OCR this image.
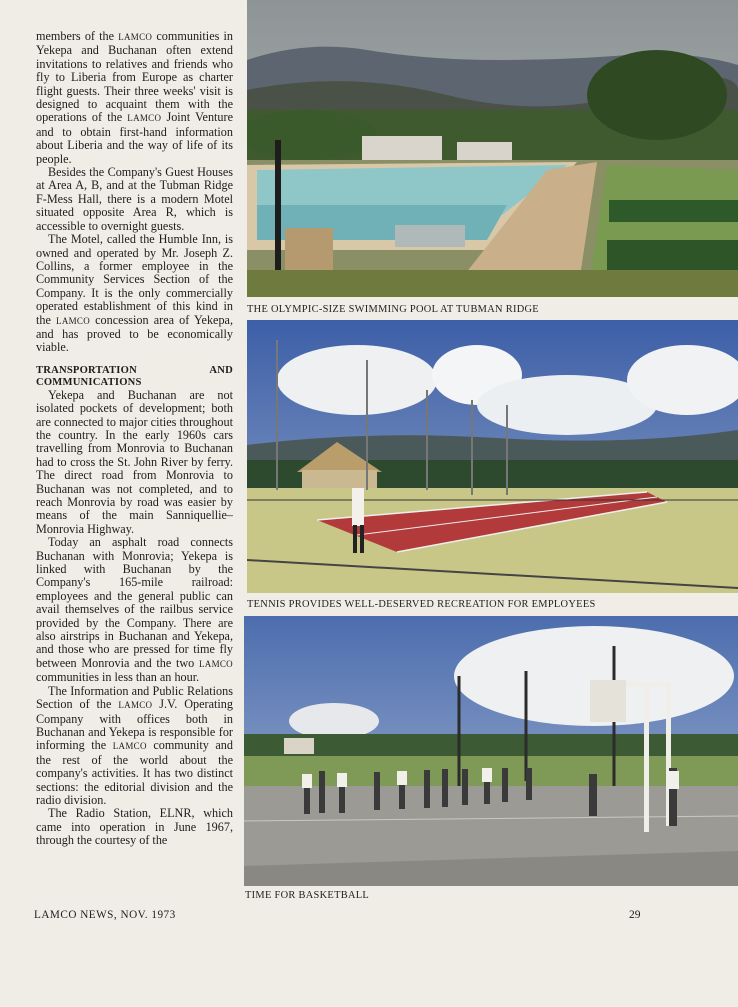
members of the LAMCO communities in Yekepa and Buchanan often extend invitations to relatives and friends who fly to Liberia from Europe as charter flight guests. Their three weeks' visit is designed to acquaint them with the operations of the LAMCO Joint Venture and to obtain first-hand information about Liberia and the way of life of its people.

Besides the Company's Guest Houses at Area A, B, and at the Tubman Ridge F-Mess Hall, there is a modern Motel situated opposite Area R, which is accessible to overnight guests.

The Motel, called the Humble Inn, is owned and operated by Mr. Joseph Z. Collins, a former employee in the Community Services Section of the Company. It is the only commercially operated establishment of this kind in the LAMCO concession area of Yekepa, and has proved to be economically viable.

TRANSPORTATION AND COMMUNICATIONS

Yekepa and Buchanan are not isolated pockets of development; both are connected to major cities throughout the country. In the early 1960s cars travelling from Monrovia to Buchanan had to cross the St. John River by ferry. The direct road from Monrovia to Buchanan was not completed, and to reach Monrovia by road was easier by means of the main Sanniquellie–Monrovia Highway.

Today an asphalt road connects Buchanan with Monrovia; Yekepa is linked with Buchanan by the Company's 165-mile railroad: employees and the general public can avail themselves of the railbus service provided by the Company. There are also airstrips in Buchanan and Yekepa, and those who are pressed for time fly between Monrovia and the two LAMCO communities in less than an hour.

The Information and Public Relations Section of the LAMCO J.V. Operating Company with offices both in Buchanan and Yekepa is responsible for informing the LAMCO community and the rest of the world about the company's activities. It has two distinct sections: the editorial division and the radio division.

The Radio Station, ELNR, which came into operation in June 1967, through the courtesy of the

THE OLYMPIC-SIZE SWIMMING POOL AT TUBMAN RIDGE
TENNIS PROVIDES WELL-DESERVED RECREATION FOR EMPLOYEES
TIME FOR BASKETBALL
LAMCO NEWS, NOV. 1973	29
